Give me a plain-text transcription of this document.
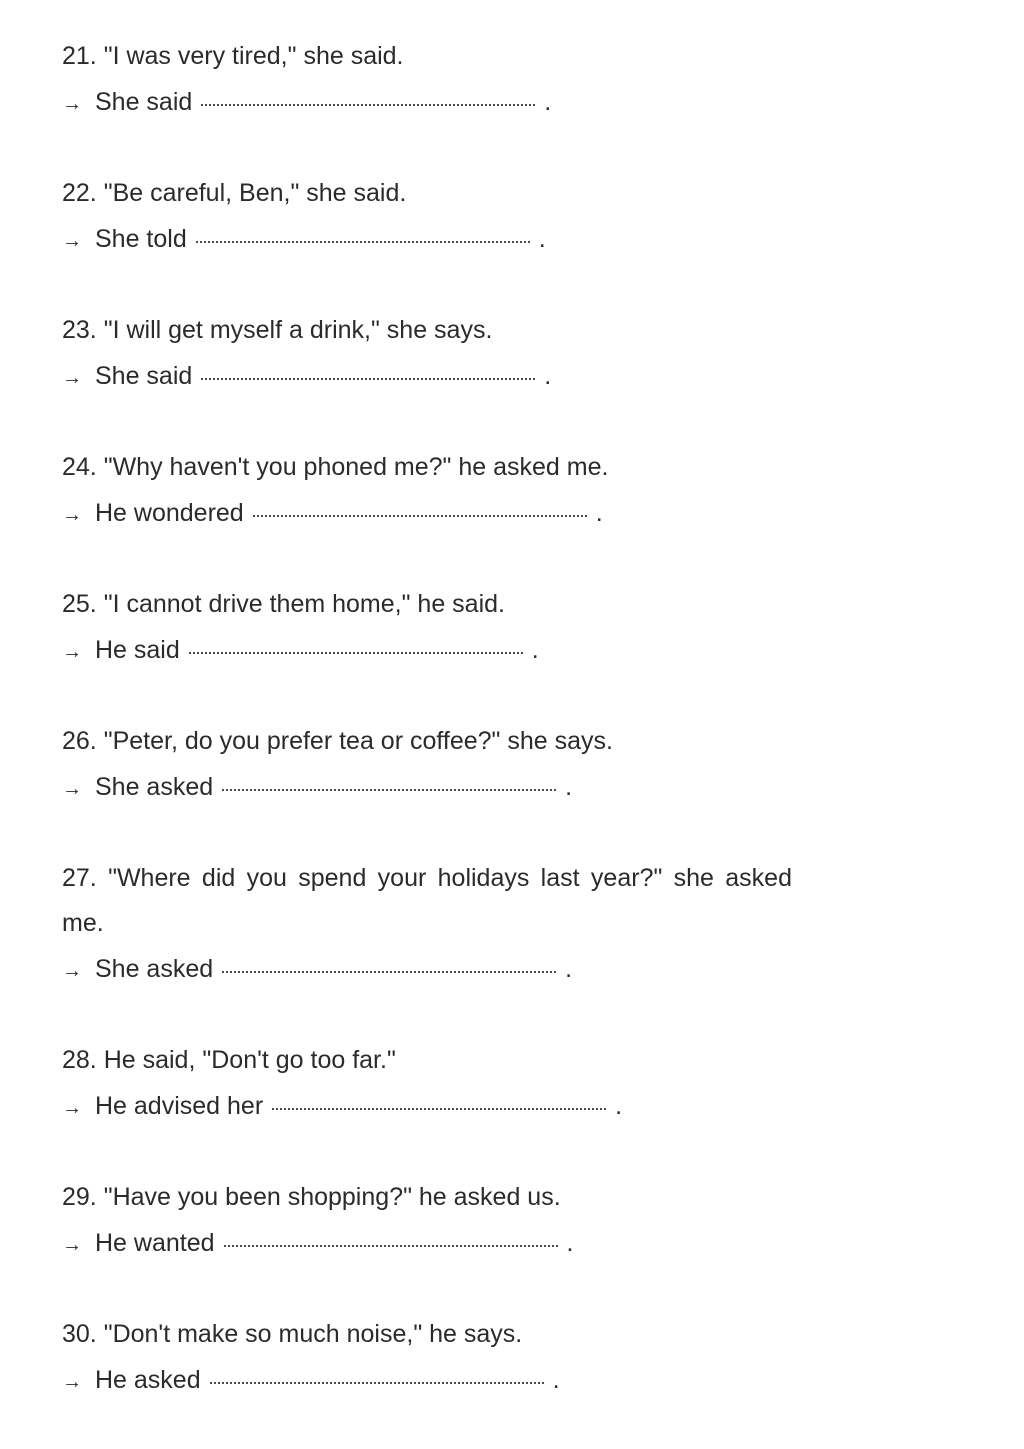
21. "I was very tired," she said.

→ She said	.

22. "Be careful, Ben," she said.

→ She told	.

23. "I will get myself a drink," she says.

→ She said	.

24. "Why haven't you phoned me?" he asked me.

→ He wondered	.

25. "I cannot drive them home," he said.

→ He said	.

26. "Peter, do you prefer tea or coffee?" she says.

→ She asked	.

27. "Where did you spend your holidays last year?" she asked me.

→ She asked	.

28. He said, "Don't go too far."

→ He advised her	.

29. "Have you been shopping?" he asked us.

→ He wanted	.

30. "Don't make so much noise," he says.

→ He asked	.
